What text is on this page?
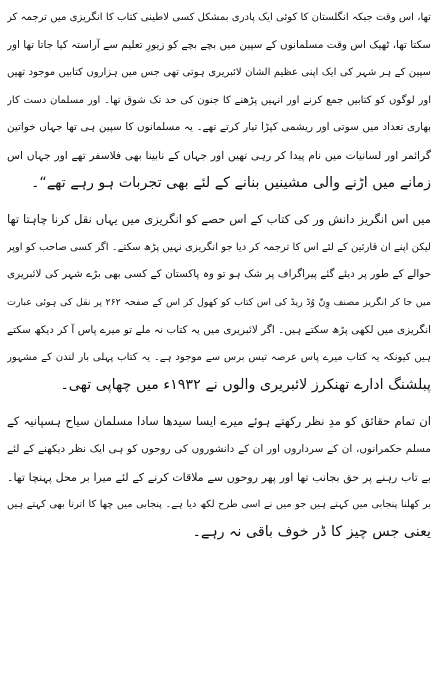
تھا، اس وقت جبکہ انگلستان کا کوئی ایک پادری بمشکل کسی لاطینی کتاب کا انگریزی میں ترجمہ کر
سکتا تھا، ٹھیک اس وقت مسلمانوں کے سپین میں بچے بچے کو زیورِ تعلیم سے آراستہ کیا جاتا تھا اور
سپین کے ہر شہر کی ایک اپنی عظیم الشان لائبریری ہوتی تھی جس میں ہزاروں کتابیں موجود تھیں
اور لوگوں کو کتابیں جمع کرنے اور انہیں پڑھنے کا جنون کی حد تک شوق تھا۔ اور مسلمان دست کار
بھاری تعداد میں سوتی اور ریشمی کپڑا تیار کرتے تھے۔ یہ مسلمانوں کا سپین ہی تھا جہاں خواتین
گرائمر اور لسانیات میں نام پیدا کر رہی تھیں اور جہاں کے نابینا بھی فلاسفر تھے اور جہاں اس
زمانے میں اڑنے والی مشینیں بنانے کے لئے بھی تجربات ہو رہے تھے“۔
میں اس انگریز دانش ور کی کتاب کے اس حصے کو انگریزی میں یہاں نقل کرنا چاہتا تھا
لیکن اپنے ان قارئین کے لئے اس کا ترجمہ کر دیا جو انگریزی نہیں پڑھ سکتے۔ اگر کسی صاحب کو اوپر
حوالے کے طور پر دیئے گئے پیراگراف پر شک ہو تو وہ پاکستان کے کسی بھی بڑے شہر کی لائبریری
میں جا کر انگریز مصنف وِنّ وُڈ ریڈ کی اس کتاب کو کھول کر اس کے صفحہ ۲۶۲ پر نقل کی ہوئی عبارت
انگریزی میں لکھی پڑھ سکتے ہیں۔ اگر لائبریری میں یہ کتاب نہ ملے تو میرے پاس آ کر دیکھ سکتے
ہیں کیونکہ یہ کتاب میرے پاس عرصہ تیس برس سے موجود ہے۔ یہ کتاب پہلی بار لندن کے مشہور
پبلشنگ ادارے تھنکرز لائبریری والوں نے ۱۹۳۲ء میں چھاپی تھی۔
ان تمام حقائق کو مدِ نظر رکھتے ہوئے میرے ایسا سیدھا سادا مسلمان سیاح ہسپانیہ کے
مسلم حکمرانوں، ان کے سرداروں اور ان کے دانشوروں کی روحوں کو ہی ایک نظر دیکھنے کے لئے
بے تاب رہنے پر حق بجانب تھا اور پھر روحوں سے ملاقات کرنے کے لئے میرا بر محل پہنچا تھا۔
بر کھلنا پنجابی میں کہتے ہیں جو میں نے اسی طرح لکھ دیا ہے۔ پنجابی میں چھا کا اترنا بھی کہتے ہیں
یعنی جس چیز کا ڈر خوف باقی نہ رہے۔
